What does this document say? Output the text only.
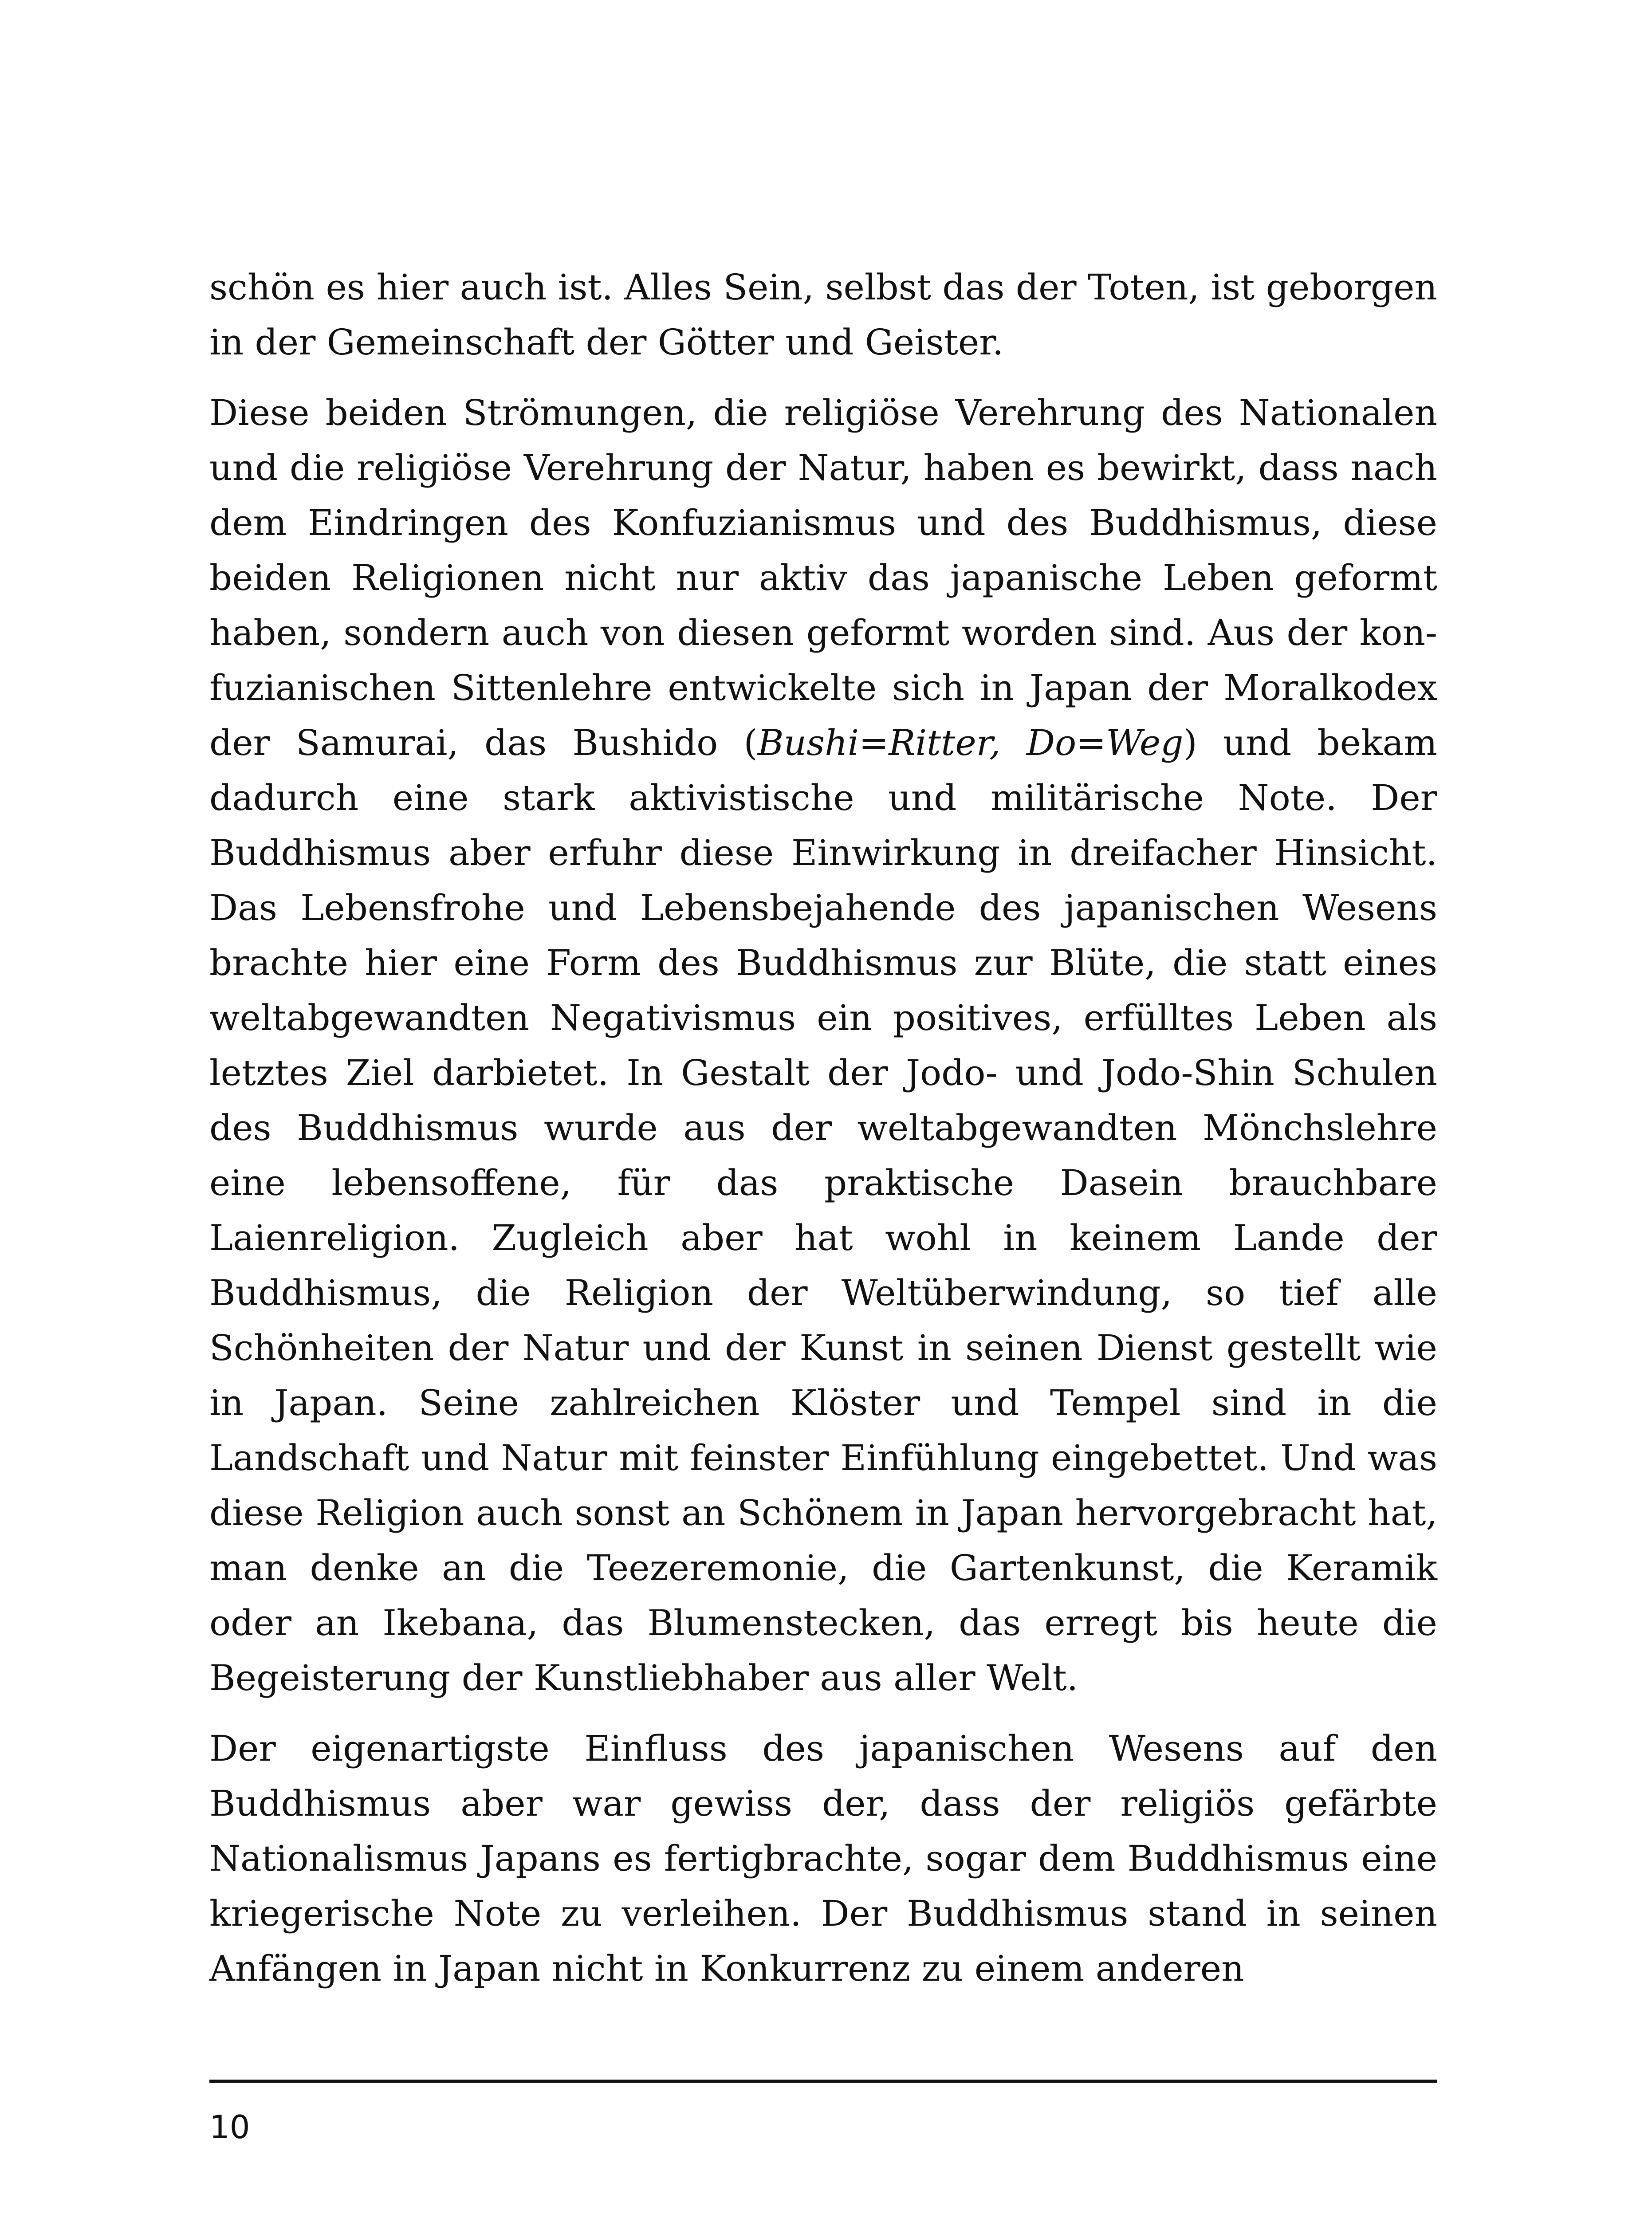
schön es hier auch ist. Alles Sein, selbst das der Toten, ist geborgen in der Gemeinschaft der Götter und Geister.

Diese beiden Strömungen, die religiöse Verehrung des Nationalen und die religiöse Verehrung der Natur, haben es bewirkt, dass nach dem Eindringen des Konfuzianismus und des Buddhismus, diese beiden Religionen nicht nur aktiv das japanische Leben geformt haben, sondern auch von diesen geformt worden sind. Aus der konfuzianischen Sittenlehre entwickelte sich in Japan der Moralkodex der Samurai, das Bushido (Bushi=Ritter, Do=Weg) und bekam dadurch eine stark aktivistische und militärische Note. Der Buddhismus aber erfuhr diese Einwirkung in dreifacher Hinsicht. Das Lebensfrohe und Lebensbejahende des japanischen Wesens brachte hier eine Form des Buddhismus zur Blüte, die statt eines weltabgewandten Negativismus ein positives, erfülltes Leben als letztes Ziel darbietet. In Gestalt der Jodo- und Jodo-Shin Schulen des Buddhismus wurde aus der weltabgewandten Mönchslehre eine lebensoffene, für das praktische Dasein brauchbare Laienreligion. Zugleich aber hat wohl in keinem Lande der Buddhismus, die Religion der Weltüberwindung, so tief alle Schönheiten der Natur und der Kunst in seinen Dienst gestellt wie in Japan. Seine zahlreichen Klöster und Tempel sind in die Landschaft und Natur mit feinster Einfühlung eingebettet. Und was diese Religion auch sonst an Schönem in Japan hervorgebracht hat, man denke an die Teezeremonie, die Gartenkunst, die Keramik oder an Ikebana, das Blumenstecken, das erregt bis heute die Begeisterung der Kunstliebhaber aus aller Welt.

Der eigenartigste Einfluss des japanischen Wesens auf den Buddhismus aber war gewiss der, dass der religiös gefärbte Nationalismus Japans es fertigbrachte, sogar dem Buddhismus eine kriegerische Note zu verleihen. Der Buddhismus stand in seinen Anfängen in Japan nicht in Konkurrenz zu einem anderen

10
